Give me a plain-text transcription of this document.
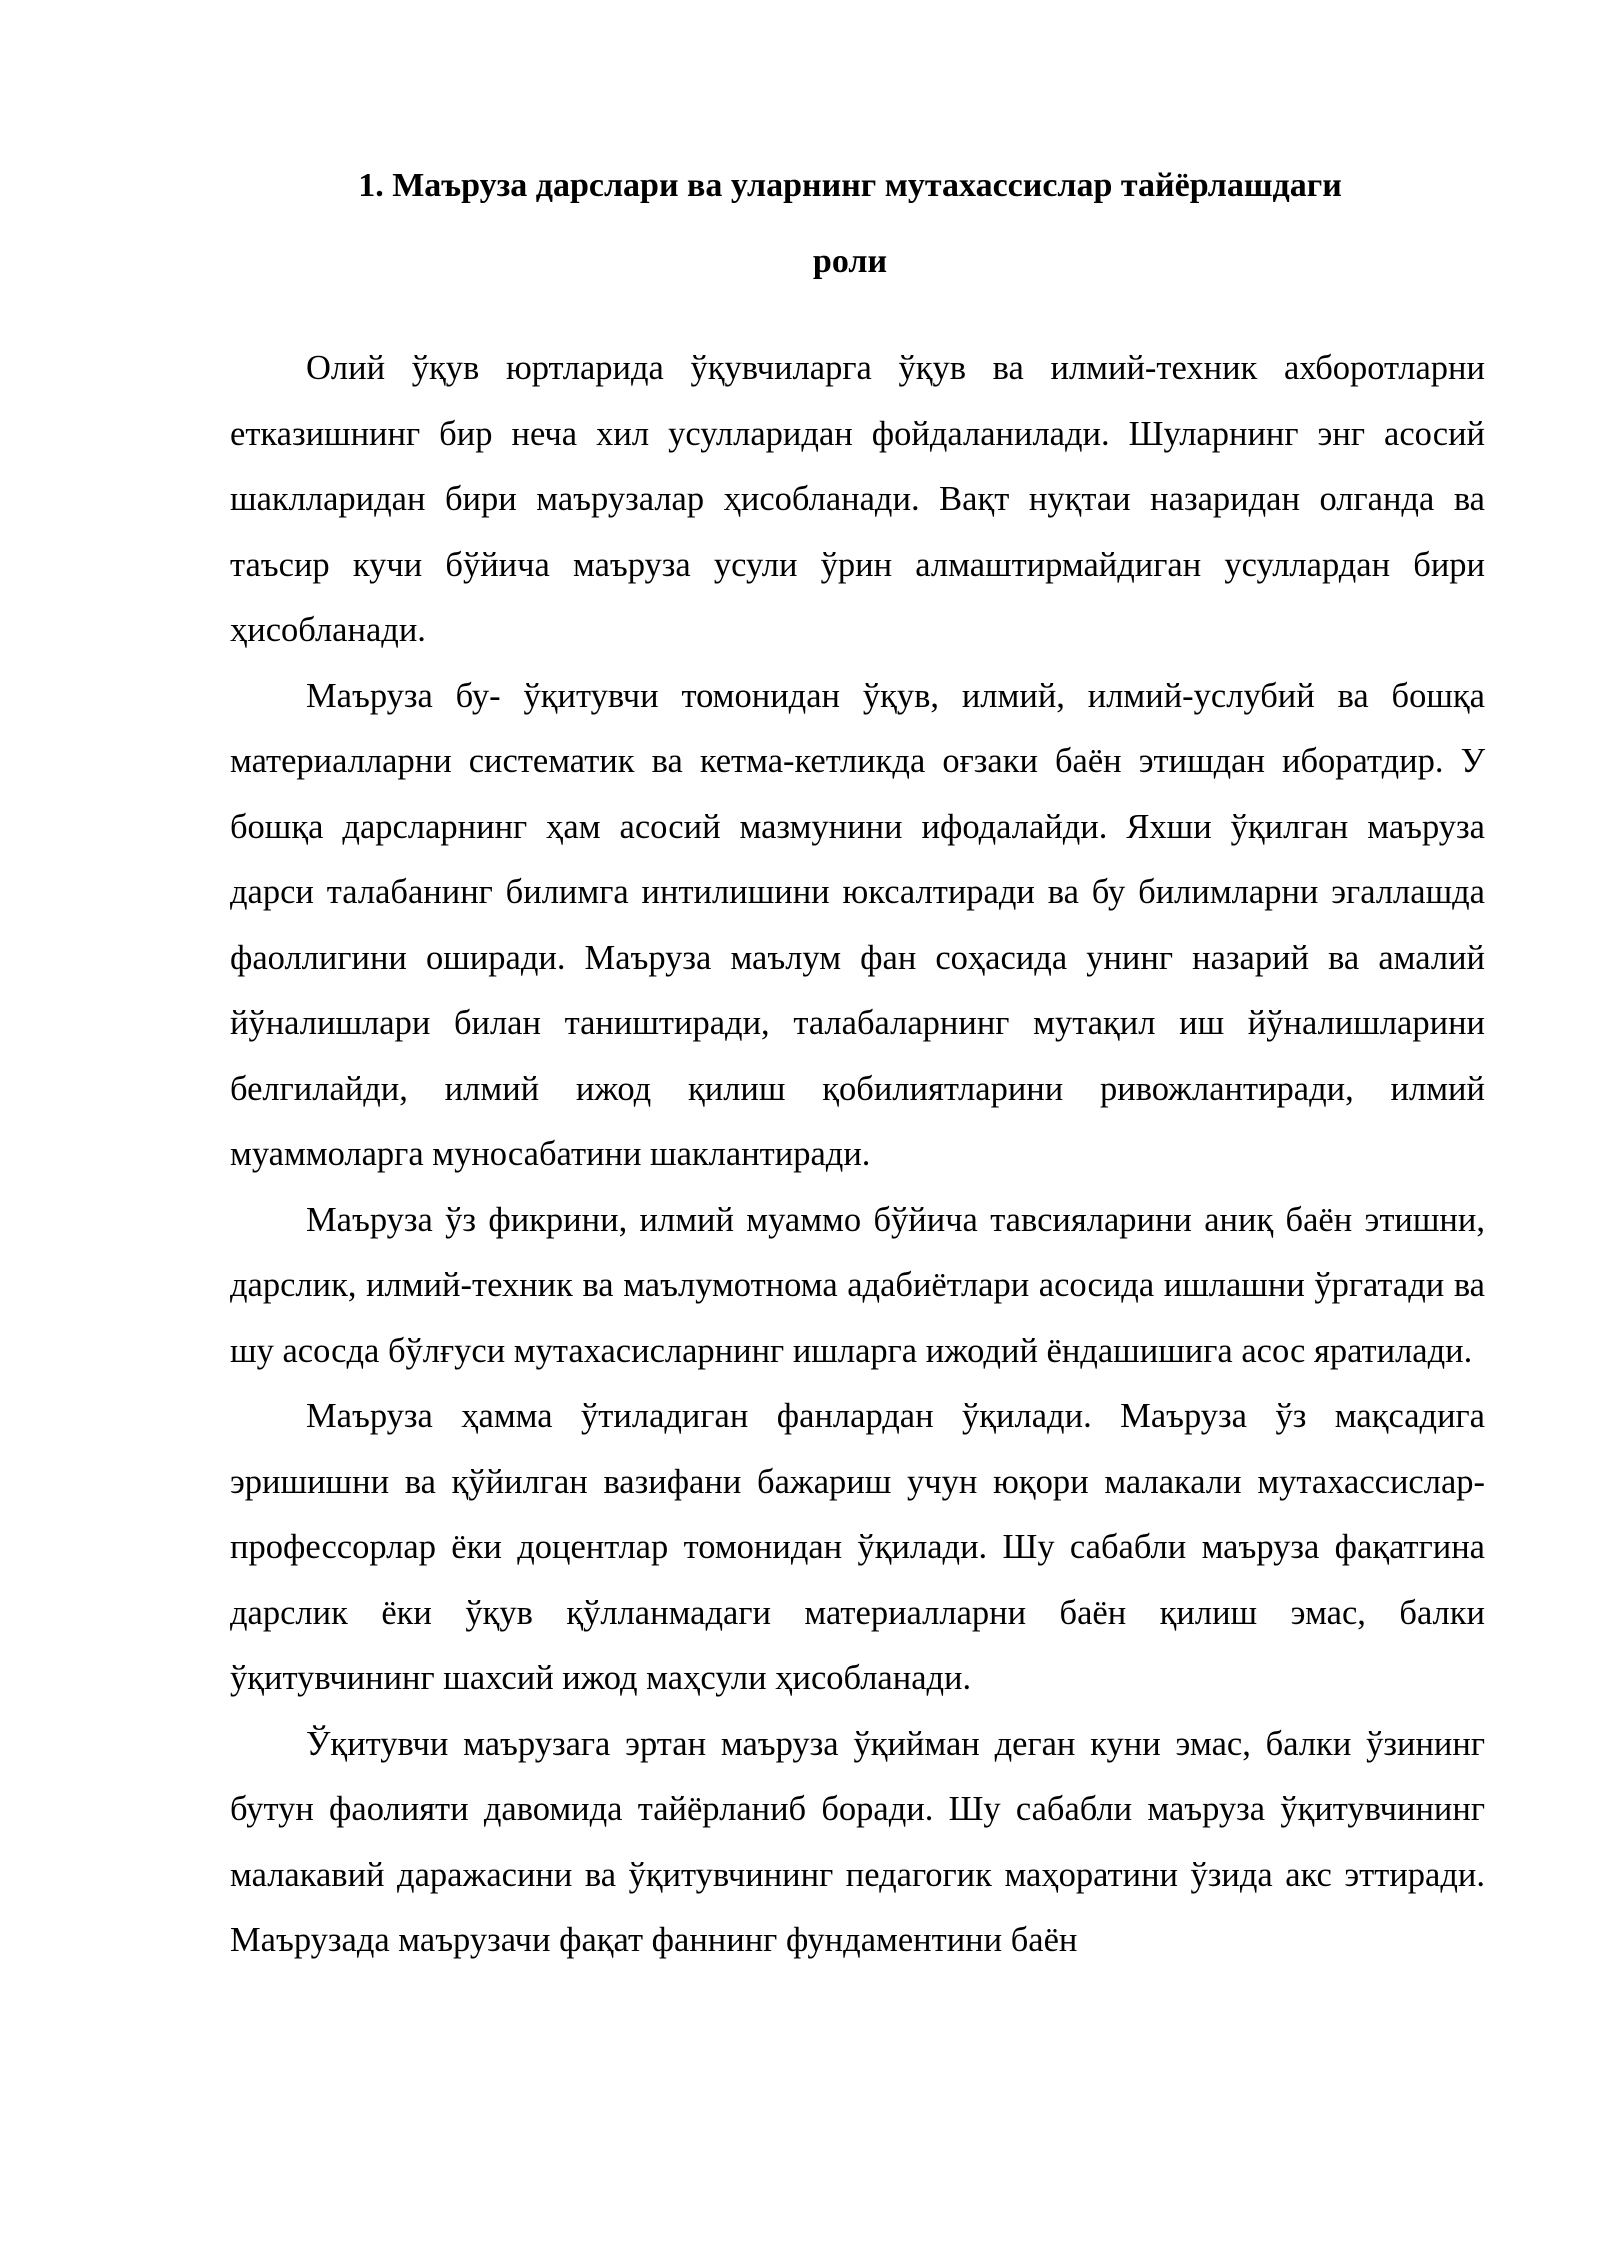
1. Маъруза дарслари ва уларнинг мутахассислар тайёрлашдаги
роли

Олий ўқув юртларида ўқувчиларга ўқув ва илмий-техник ахборотларни етказишнинг бир неча хил усулларидан фойдаланилади. Шуларнинг энг асосий шаклларидан бири маърузалар ҳисобланади. Вақт нуқтаи назаридан олганда ва таъсир кучи бўйича маъруза усули ўрин алмаштирмайдиган усуллардан бири ҳисобланади.

Маъруза бу- ўқитувчи томонидан ўқув, илмий, илмий-услубий ва бошқа материалларни систематик ва кетма-кетликда оғзаки баён этишдан иборатдир. У бошқа дарсларнинг ҳам асосий мазмунини ифодалайди. Яхши ўқилган маъруза дарси талабанинг билимга интилишини юксалтиради ва бу билимларни эгаллашда фаоллигини оширади. Маъруза маълум фан соҳасида унинг назарий ва амалий йўналишлари билан таништиради, талабаларнинг мутақил иш йўналишларини белгилайди, илмий ижод қилиш қобилиятларини ривожлантиради, илмий муаммоларга муносабатини шаклантиради.

Маъруза ўз фикрини, илмий муаммо бўйича тавсияларини аниқ баён этишни, дарслик, илмий-техник ва маълумотнома адабиётлари асосида ишлашни ўргатади ва шу асосда бўлғуси мутахасисларнинг ишларга ижодий ёндашишига асос яратилади.

Маъруза ҳамма ўтиладиган фанлардан ўқилади. Маъруза ўз мақсадига эришишни ва қўйилган вазифани бажариш учун юқори малакали мутахассислар-профессорлар ёки доцентлар томонидан ўқилади. Шу сабабли маъруза фақатгина дарслик ёки ўқув қўлланмадаги материалларни баён қилиш эмас, балки ўқитувчининг шахсий ижод маҳсули ҳисобланади.

Ўқитувчи маърузага эртан маъруза ўқийман деган куни эмас, балки ўзининг бутун фаолияти давомида тайёрланиб боради. Шу сабабли маъруза ўқитувчининг малакавий даражасини ва ўқитувчининг педагогик маҳоратини ўзида акс эттиради. Маърузада маърузачи фақат фаннинг фундаментини баён
